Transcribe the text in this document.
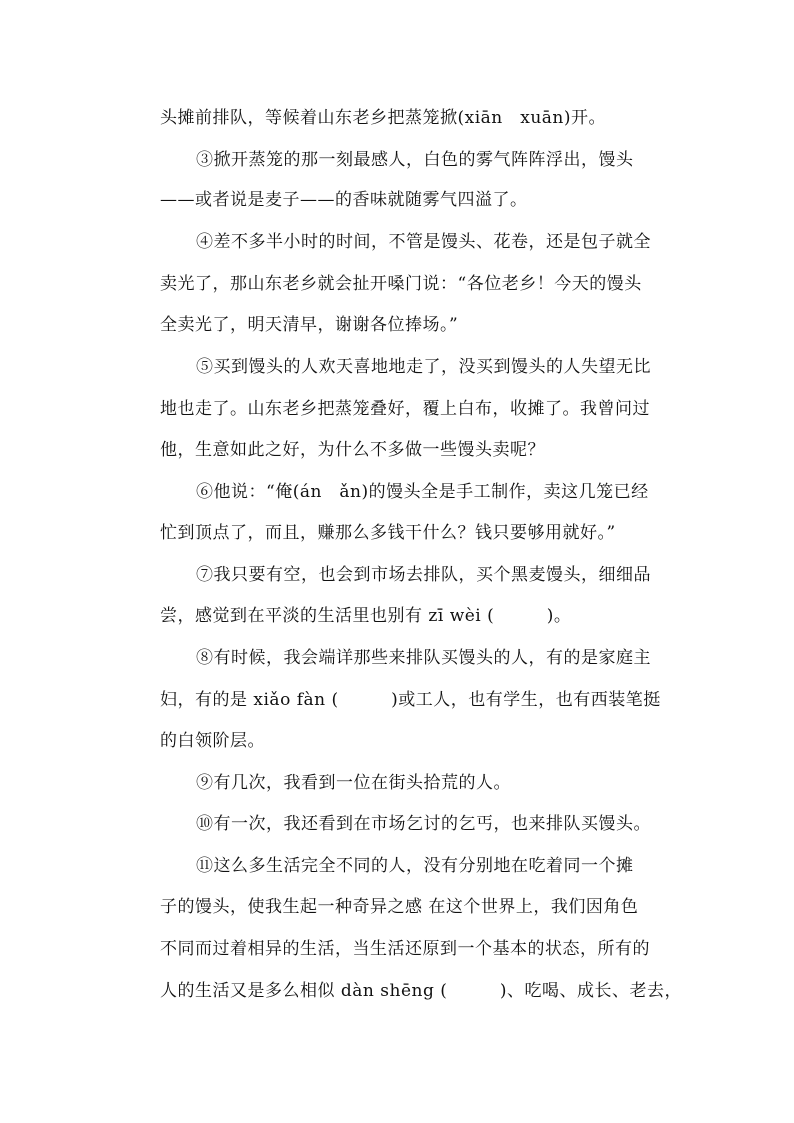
头摊前排队，等候着山东老乡把蒸笼掀(xiān　xuān)开。
③掀开蒸笼的那一刻最感人，白色的雾气阵阵浮出，馒头
——或者说是麦子——的香味就随雾气四溢了。
④差不多半小时的时间，不管是馒头、花卷，还是包子就全
卖光了，那山东老乡就会扯开嗓门说：“各位老乡！今天的馒头
全卖光了，明天清早，谢谢各位捧场。”
⑤买到馒头的人欢天喜地地走了，没买到馒头的人失望无比
地也走了。山东老乡把蒸笼叠好，覆上白布，收摊了。我曾问过
他，生意如此之好，为什么不多做一些馒头卖呢？
⑥他说：“俺(án　ǎn)的馒头全是手工制作，卖这几笼已经
忙到顶点了，而且，赚那么多钱干什么？钱只要够用就好。”
⑦我只要有空，也会到市场去排队，买个黑麦馒头，细细品
尝，感觉到在平淡的生活里也别有 zī wèi (　　　)。
⑧有时候，我会端详那些来排队买馒头的人，有的是家庭主
妇，有的是 xiǎo fàn (　　　)或工人，也有学生，也有西装笔挺
的白领阶层。
⑨有几次，我看到一位在街头拾荒的人。
⑩有一次，我还看到在市场乞讨的乞丐，也来排队买馒头。
⑪这么多生活完全不同的人，没有分别地在吃着同一个摊
子的馒头，使我生起一种奇异之感 在这个世界上，我们因角色
不同而过着相异的生活，当生活还原到一个基本的状态，所有的
人的生活又是多么相似 dàn shēng (　　　)、吃喝、成长、老去，
